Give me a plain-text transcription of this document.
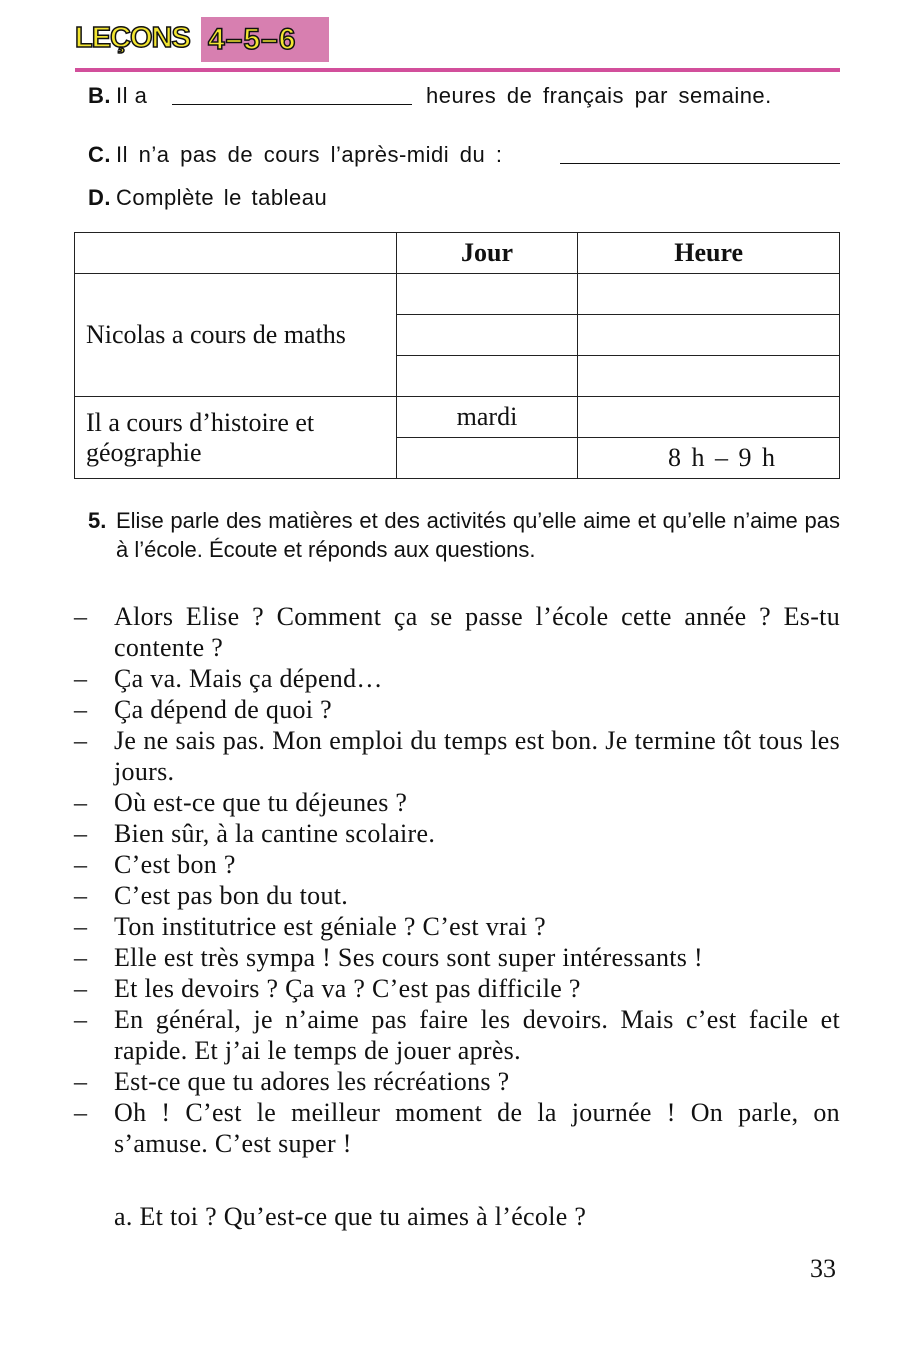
LEÇONS 4–5–6
B. Il a	heures de français par semaine.
C. Il n’a pas de cours l’après-midi du :
D. Complète le tableau
	Jour	Heure
Nicolas a cours de maths		

Il a cours d’histoire et géographie	mardi	
		8 h – 9 h
5. Elise parle des matières et des activités qu’elle aime et qu’elle n’aime pas à l’école. Écoute et réponds aux questions.
– Alors Elise ? Comment ça se passe l’école cette année ? Es-tu contente ?
– Ça va. Mais ça dépend…
– Ça dépend de quoi ?
– Je ne sais pas. Mon emploi du temps est bon. Je termine tôt tous les jours.
– Où est-ce que tu déjeunes ?
– Bien sûr, à la cantine scolaire.
– C’est bon ?
– C’est pas bon du tout.
– Ton institutrice est géniale ? C’est vrai ?
– Elle est très sympa ! Ses cours sont super intéressants !
– Et les devoirs ? Ça va ? C’est pas difficile ?
– En général, je n’aime pas faire les devoirs. Mais c’est facile et rapide. Et j’ai le temps de jouer après.
– Est-ce que tu adores les récréations ?
– Oh ! C’est le meilleur moment de la journée ! On parle, on s’amuse. C’est super !
a. Et toi ? Qu’est-ce que tu aimes à l’école ?
33
